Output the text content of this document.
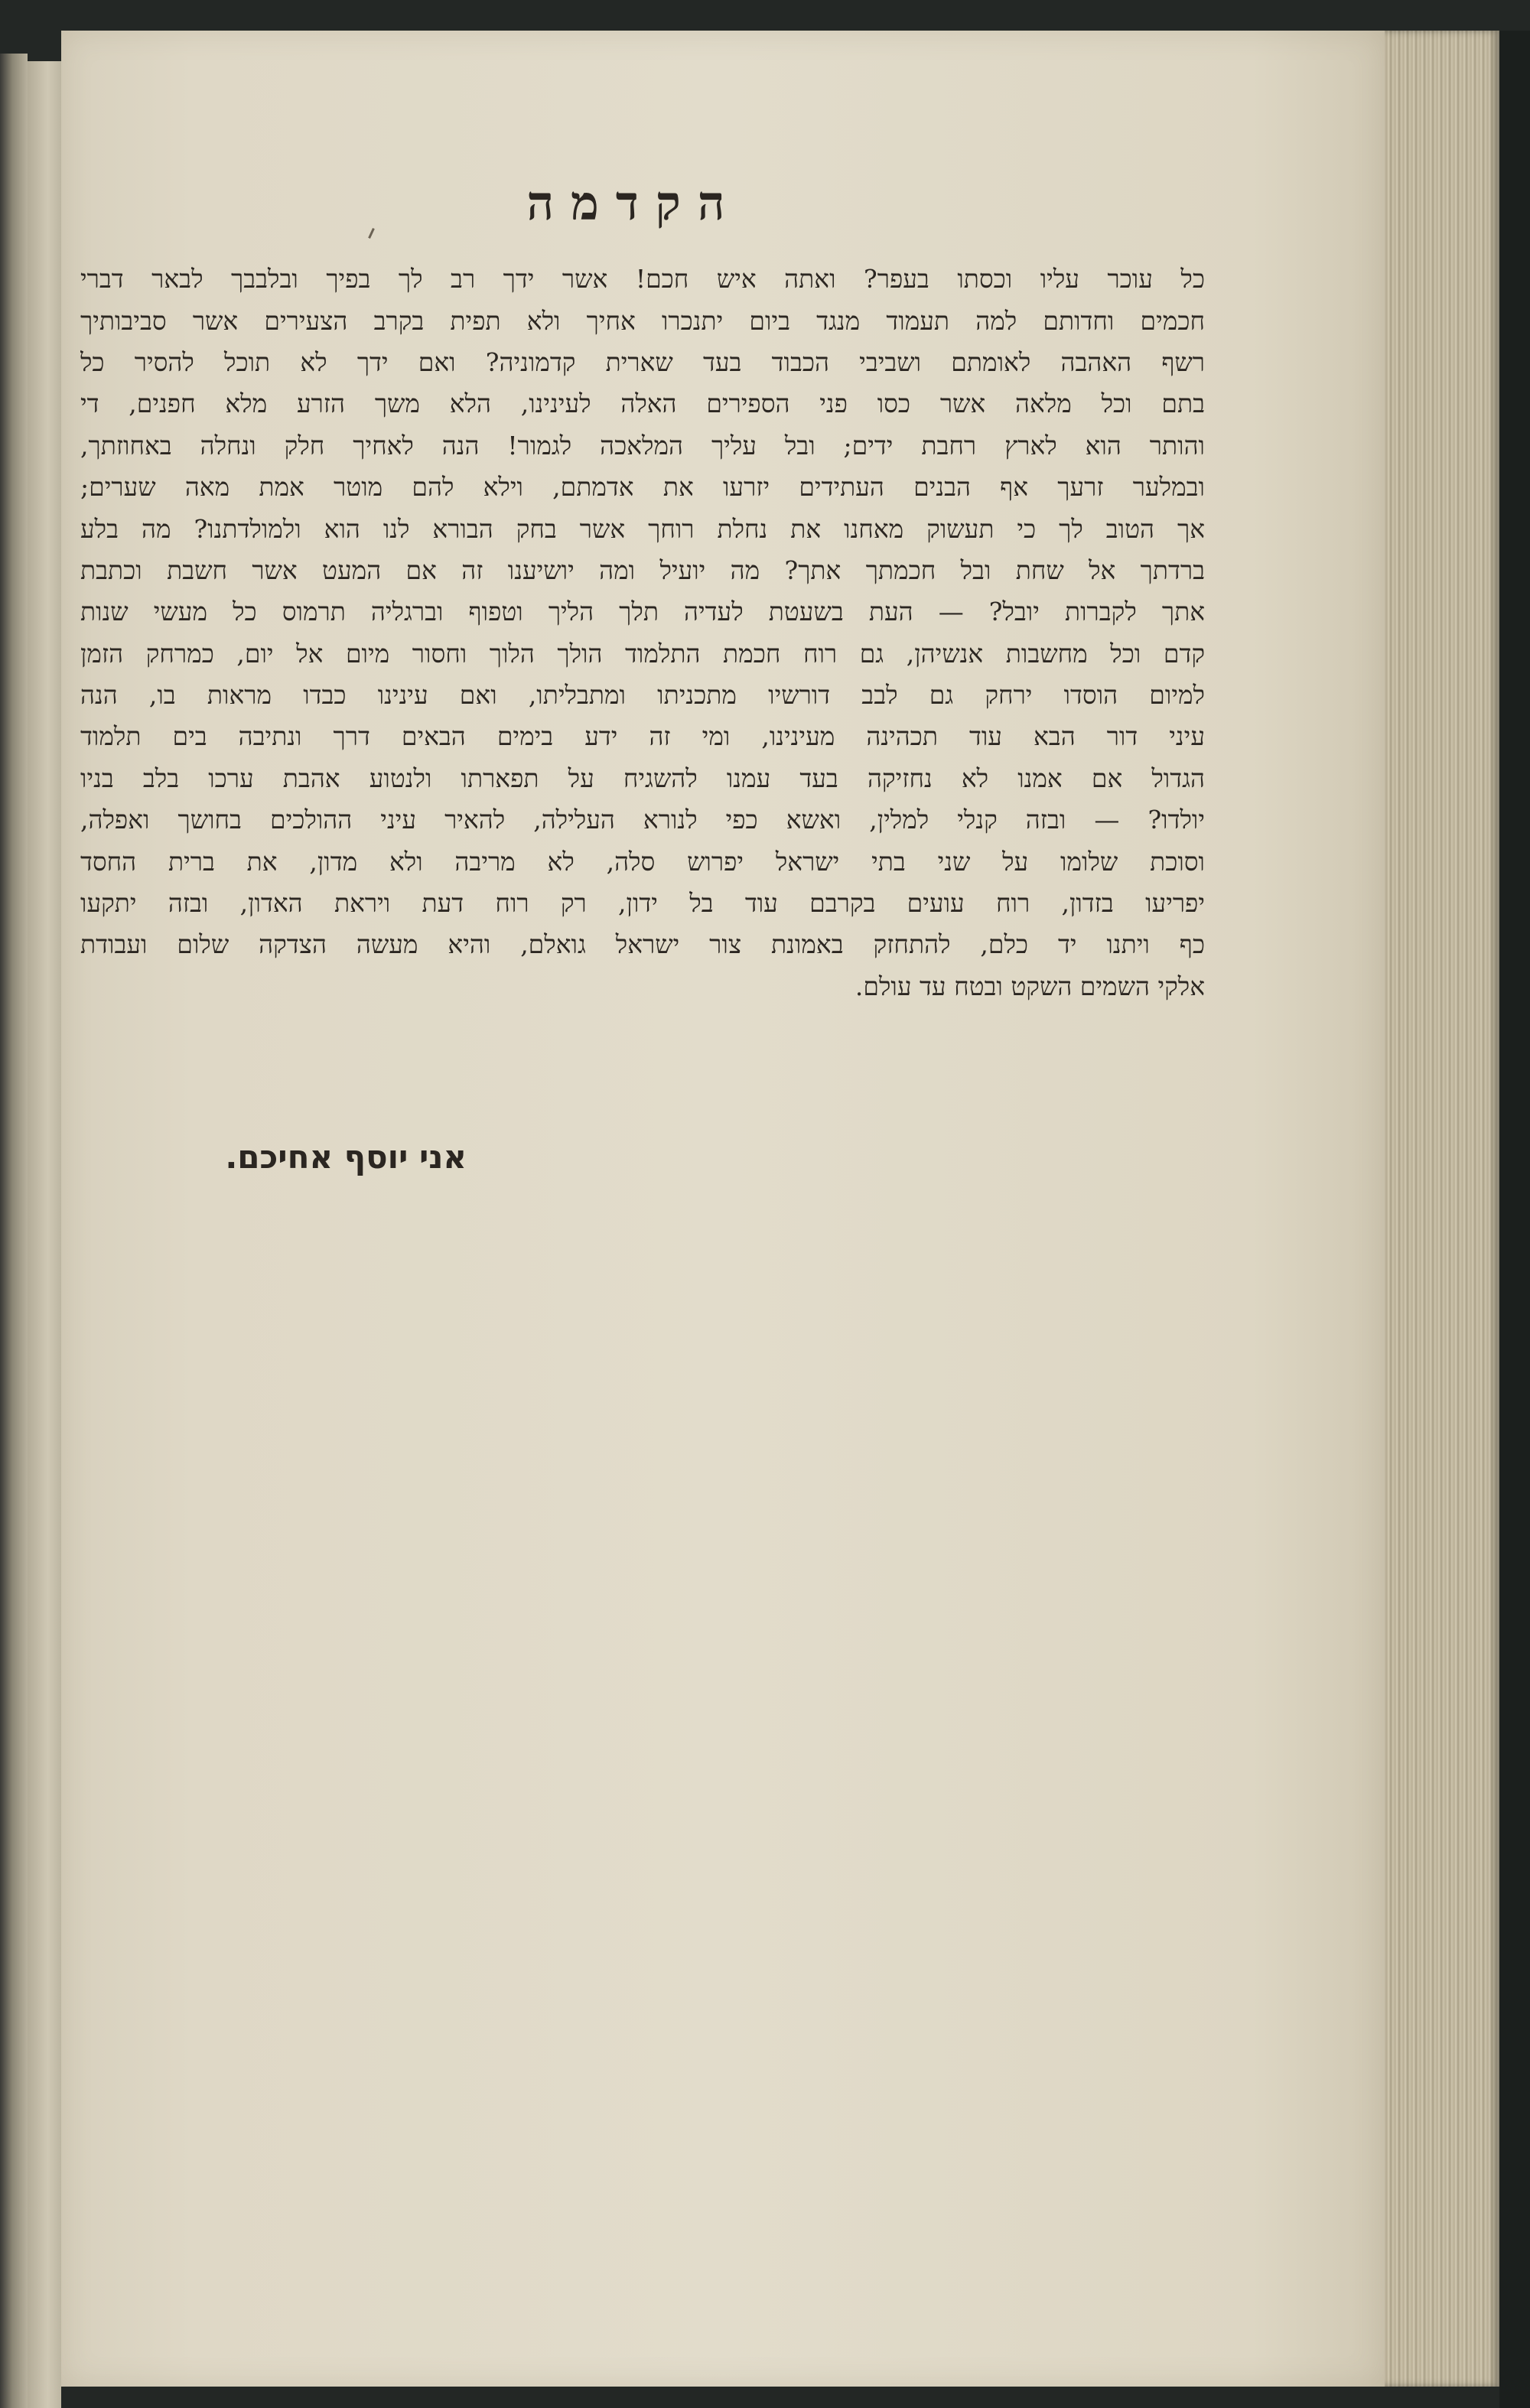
הקדמה
כל עוכר עליו וכסתו בעפר? ואתה איש חכם! אשר ידך רב לך בפיך ובלבבך לבאר דברי
חכמים וחדותם למה תעמוד מנגד ביום יתנכרו אחיך ולא תפית בקרב הצעירים אשר סביבותיך
רשף האהבה לאומתם ושביבי הכבוד בעד שארית קדמוניה? ואם ידך לא תוכל להסיר כל
בתם וכל מלאה אשר כסו פני הספירים האלה לעינינו, הלא משך הזרע מלא חפנים, די
והותר הוא לארץ רחבת ידים; ובל עליך המלאכה לגמור! הנה לאחיך חלק ונחלה באחוזתך,
ובמלער זרעך אף הבנים העתידים יזרעו את אדמתם, וילא להם מוטר אמת מאה שערים;
אך הטוב לך כי תעשוק מאחנו את נחלת רוחך אשר בחק הבורא לנו הוא ולמולדתנו? מה בלע
ברדתך אל שחת ובל חכמתך אתך? מה יועיל ומה יושיענו זה אם המעט אשר חשבת וכתבת
אתך לקברות יובל? — העת בשעטת לעדיה תלך הליך וטפוף וברגליה תרמוס כל מעשי שנות
קדם וכל מחשבות אנשיהן, גם רוח חכמת התלמוד הולך הלוך וחסור מיום אל יום, כמרחק הזמן
למיום הוסדו ירחק גם לבב דורשיו מתכניתו ומתבליתו, ואם עינינו כבדו מראות בו, הנה
עיני דור הבא עוד תכהינה מעינינו, ומי זה ידע בימים הבאים דרך ונתיבה בים תלמוד
הגדול אם אמנו לא נחזיקה בעד עמנו להשגיח על תפארתו ולנטוע אהבת ערכו בלב בניו
יולדו? — ובזה קנלי למלין, ואשא כפי לנורא העלילה, להאיר עיני ההולכים בחושך ואפלה,
וסוכת שלומו על שני בתי ישראל יפרוש סלה, לא מריבה ולא מדון, את ברית החסד
יפריעו בזדון, רוח עועים בקרבם עוד בל ידון, רק רוח דעת ויראת האדון, ובזה יתקעו
כף ויתנו יד כלם, להתחזק באמונת צור ישראל גואלם, והיא מעשה הצדקה שלום ועבודת
אלקי השמים השקט ובטח עד עולם.
אני יוסף אחיכם.
